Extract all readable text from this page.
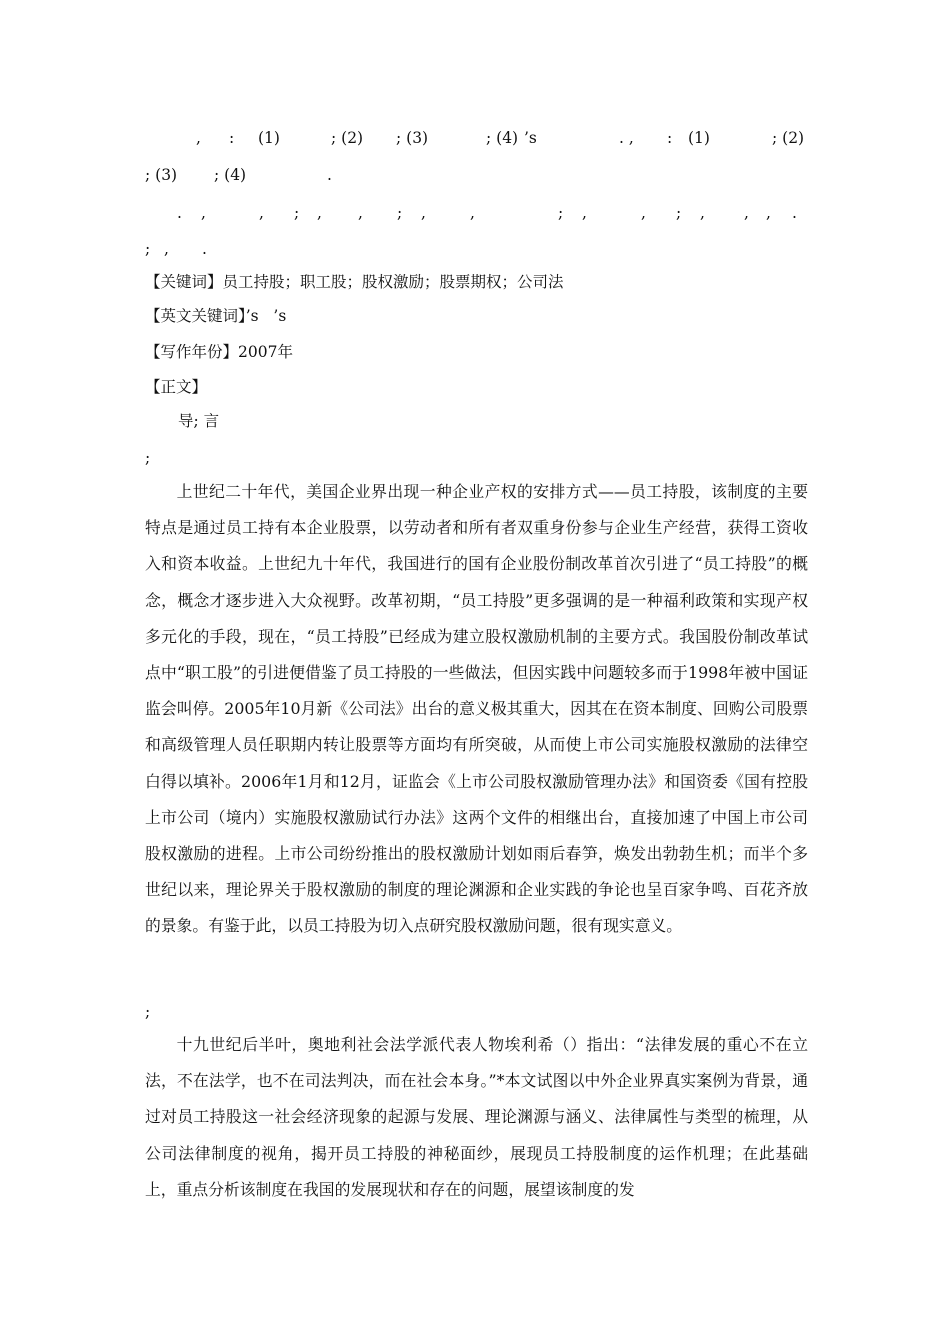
, : (1)	; (2) ; (3)	; (4) ’s	. , : (1)	; (2)
; (3) ; (4)	.
. ,	, ; , , ; ,	,	; ,	, ; ,	, , .
; , .
【关键词】员工持股；职工股；股权激励；股票期权；公司法
【英文关键词】’s   ’s
【写作年份】2007年
【正文】
导; 言
;

上世纪二十年代，美国企业界出现一种企业产权的安排方式——员工持股，该制度的主要特点是通过员工持有本企业股票，以劳动者和所有者双重身份参与企业生产经营，获得工资收入和资本收益。上世纪九十年代，我国进行的国有企业股份制改革首次引进了“员工持股”的概念，概念才逐步进入大众视野。改革初期，“员工持股”更多强调的是一种福利政策和实现产权多元化的手段，现在，“员工持股”已经成为建立股权激励机制的主要方式。我国股份制改革试点中“职工股”的引进便借鉴了员工持股的一些做法，但因实践中问题较多而于1998年被中国证监会叫停。2005年10月新《公司法》出台的意义极其重大，因其在在资本制度、回购公司股票和高级管理人员任职期内转让股票等方面均有所突破，从而使上市公司实施股权激励的法律空白得以填补。2006年1月和12月，证监会《上市公司股权激励管理办法》和国资委《国有控股上市公司（境内）实施股权激励试行办法》这两个文件的相继出台，直接加速了中国上市公司股权激励的进程。上市公司纷纷推出的股权激励计划如雨后春笋，焕发出勃勃生机；而半个多世纪以来，理论界关于股权激励的制度的理论渊源和企业实践的争论也呈百家争鸣、百花齐放的景象。有鉴于此，以员工持股为切入点研究股权激励问题，很有现实意义。

;

十九世纪后半叶，奥地利社会法学派代表人物埃利希（）指出：“法律发展的重心不在立法，不在法学，也不在司法判决，而在社会本身。”*本文试图以中外企业界真实案例为背景，通过对员工持股这一社会经济现象的起源与发展、理论渊源与涵义、法律属性与类型的梳理，从公司法律制度的视角，揭开员工持股的神秘面纱，展现员工持股制度的运作机理；在此基础上，重点分析该制度在我国的发展现状和存在的问题，展望该制度的发
